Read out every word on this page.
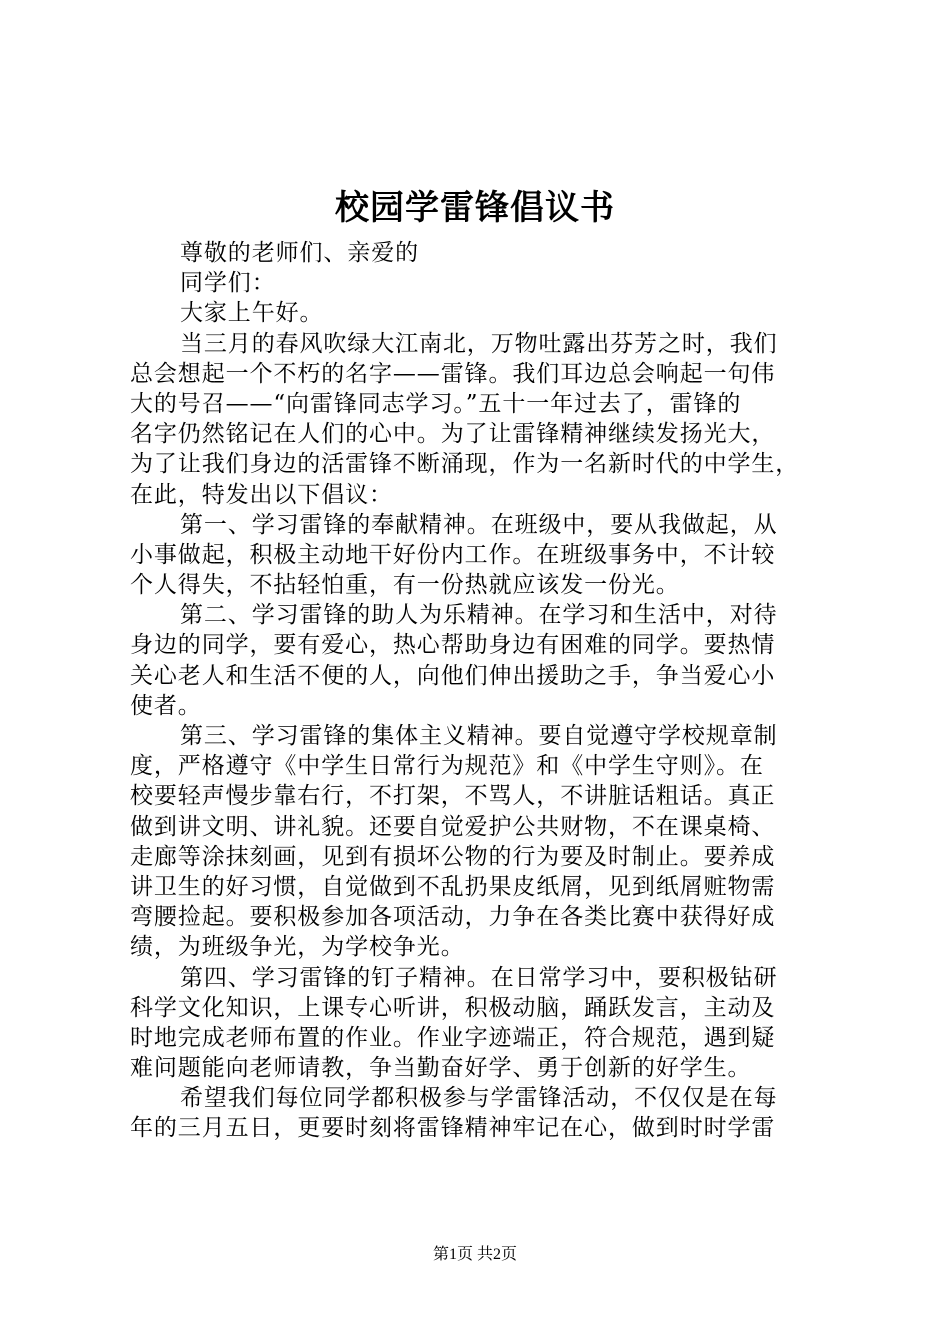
校园学雷锋倡议书
尊敬的老师们、亲爱的
同学们：
大家上午好。
当三月的春风吹绿大江南北，万物吐露出芬芳之时，我们
总会想起一个不朽的名字——雷锋。我们耳边总会响起一句伟
大的号召——“向雷锋同志学习。”五十一年过去了，雷锋的
名字仍然铭记在人们的心中。为了让雷锋精神继续发扬光大，
为了让我们身边的活雷锋不断涌现，作为一名新时代的中学生，
在此，特发出以下倡议：
第一、学习雷锋的奉献精神。在班级中，要从我做起，从
小事做起，积极主动地干好份内工作。在班级事务中，不计较
个人得失，不拈轻怕重，有一份热就应该发一份光。
第二、学习雷锋的助人为乐精神。在学习和生活中，对待
身边的同学，要有爱心，热心帮助身边有困难的同学。要热情
关心老人和生活不便的人，向他们伸出援助之手，争当爱心小
使者。
第三、学习雷锋的集体主义精神。要自觉遵守学校规章制
度，严格遵守《中学生日常行为规范》和《中学生守则》。在
校要轻声慢步靠右行，不打架，不骂人，不讲脏话粗话。真正
做到讲文明、讲礼貌。还要自觉爱护公共财物，不在课桌椅、
走廊等涂抹刻画，见到有损坏公物的行为要及时制止。要养成
讲卫生的好习惯，自觉做到不乱扔果皮纸屑，见到纸屑赃物需
弯腰捡起。要积极参加各项活动，力争在各类比赛中获得好成
绩，为班级争光，为学校争光。
第四、学习雷锋的钉子精神。在日常学习中，要积极钻研
科学文化知识，上课专心听讲，积极动脑，踊跃发言，主动及
时地完成老师布置的作业。作业字迹端正，符合规范，遇到疑
难问题能向老师请教，争当勤奋好学、勇于创新的好学生。
希望我们每位同学都积极参与学雷锋活动，不仅仅是在每
年的三月五日，更要时刻将雷锋精神牢记在心，做到时时学雷
第1页 共2页
